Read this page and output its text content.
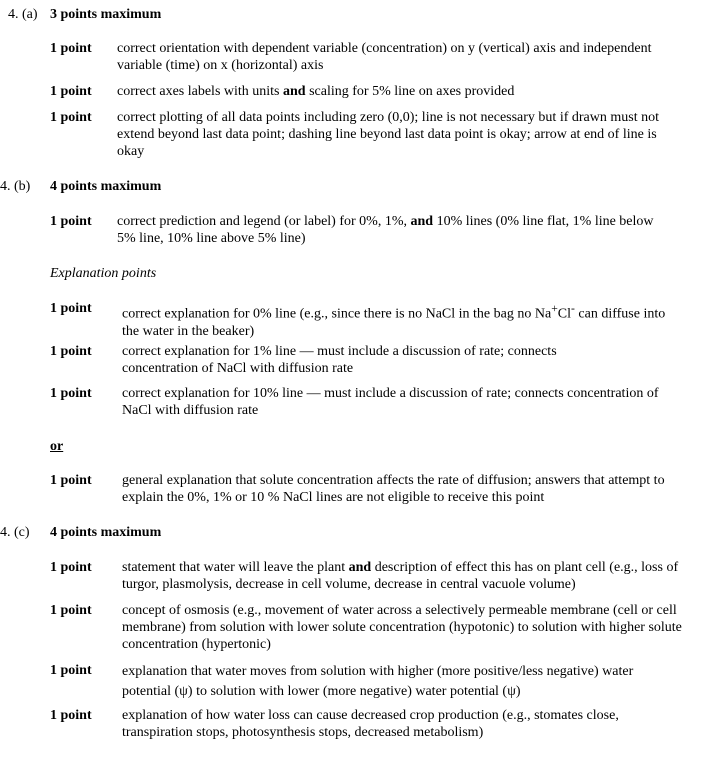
4. (a) 3 points maximum
1 point correct orientation with dependent variable (concentration) on y (vertical) axis and independent variable (time) on x (horizontal) axis
1 point correct axes labels with units and scaling for 5% line on axes provided
1 point correct plotting of all data points including zero (0,0); line is not necessary but if drawn must not extend beyond last data point; dashing line beyond last data point is okay; arrow at end of line is okay
4. (b) 4 points maximum
1 point correct prediction and legend (or label) for 0%, 1%, and 10% lines (0% line flat, 1% line below 5% line, 10% line above 5% line)
Explanation points
1 point correct explanation for 0% line (e.g., since there is no NaCl in the bag no Na+Cl- can diffuse into the water in the beaker)
1 point correct explanation for 1% line — must include a discussion of rate; connects concentration of NaCl with diffusion rate
1 point correct explanation for 10% line — must include a discussion of rate; connects concentration of NaCl with diffusion rate
or
1 point general explanation that solute concentration affects the rate of diffusion; answers that attempt to explain the 0%, 1% or 10 % NaCl lines are not eligible to receive this point
4. (c) 4 points maximum
1 point statement that water will leave the plant and description of effect this has on plant cell (e.g., loss of turgor, plasmolysis, decrease in cell volume, decrease in central vacuole volume)
1 point concept of osmosis (e.g., movement of water across a selectively permeable membrane (cell or cell membrane) from solution with lower solute concentration (hypotonic) to solution with higher solute concentration (hypertonic)
1 point explanation that water moves from solution with higher (more positive/less negative) water potential (ψ) to solution with lower (more negative) water potential (ψ)
1 point explanation of how water loss can cause decreased crop production (e.g., stomates close, transpiration stops, photosynthesis stops, decreased metabolism)
